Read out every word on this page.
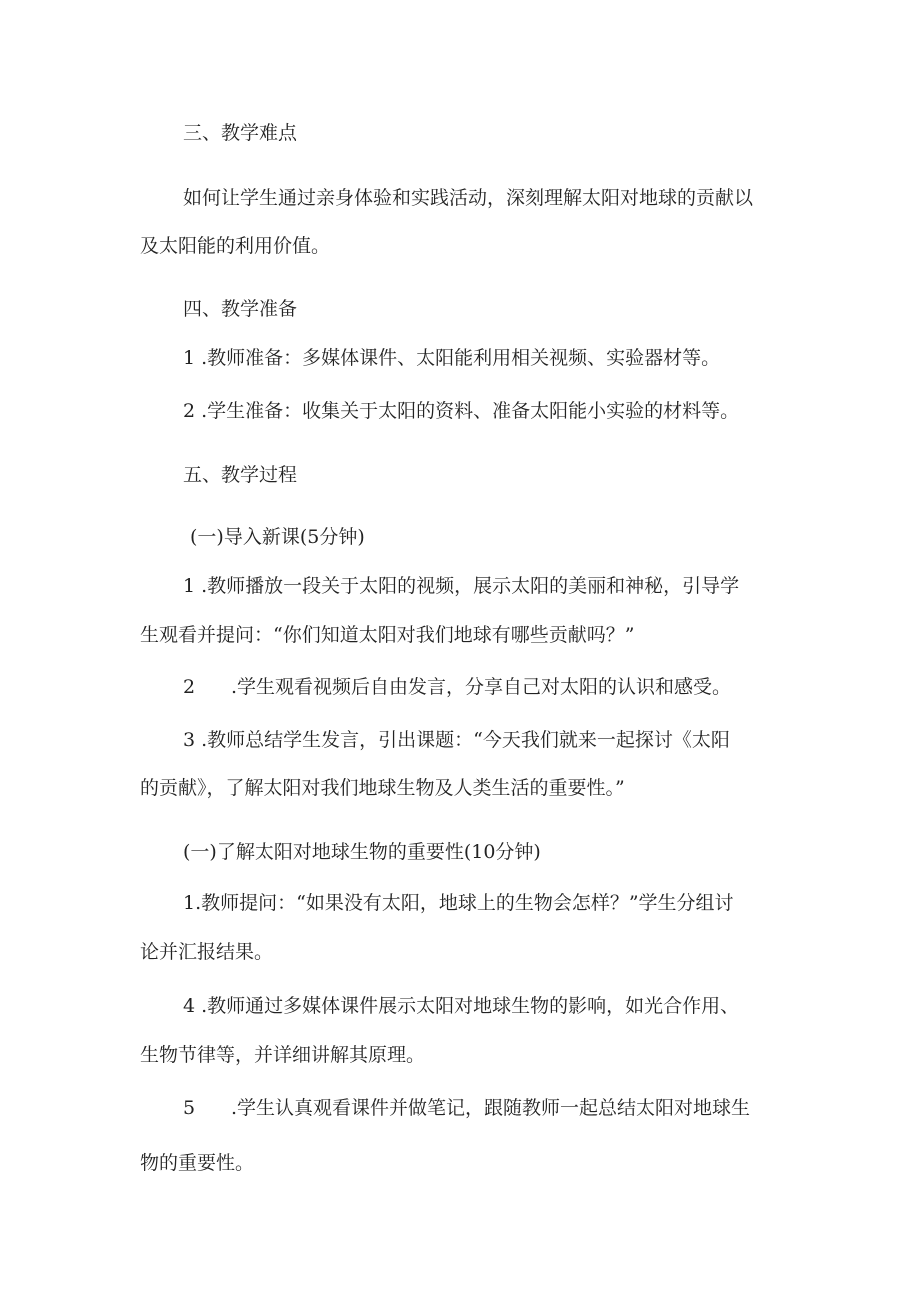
三、教学难点
如何让学生通过亲身体验和实践活动，深刻理解太阳对地球的贡献以
及太阳能的利用价值。
四、教学准备
1 .教师准备：多媒体课件、太阳能利用相关视频、实验器材等。
2 .学生准备：收集关于太阳的资料、准备太阳能小实验的材料等。
五、教学过程
(一)导入新课(5分钟)
1 .教师播放一段关于太阳的视频，展示太阳的美丽和神秘，引导学
生观看并提问：“你们知道太阳对我们地球有哪些贡献吗？”
2 .学生观看视频后自由发言，分享自己对太阳的认识和感受。
3 .教师总结学生发言，引出课题：“今天我们就来一起探讨《太阳
的贡献》，了解太阳对我们地球生物及人类生活的重要性。”
(一)了解太阳对地球生物的重要性(10分钟)
1.教师提问：“如果没有太阳，地球上的生物会怎样？”学生分组讨
论并汇报结果。
4 .教师通过多媒体课件展示太阳对地球生物的影响，如光合作用、
生物节律等，并详细讲解其原理。
5 .学生认真观看课件并做笔记，跟随教师一起总结太阳对地球生
物的重要性。
